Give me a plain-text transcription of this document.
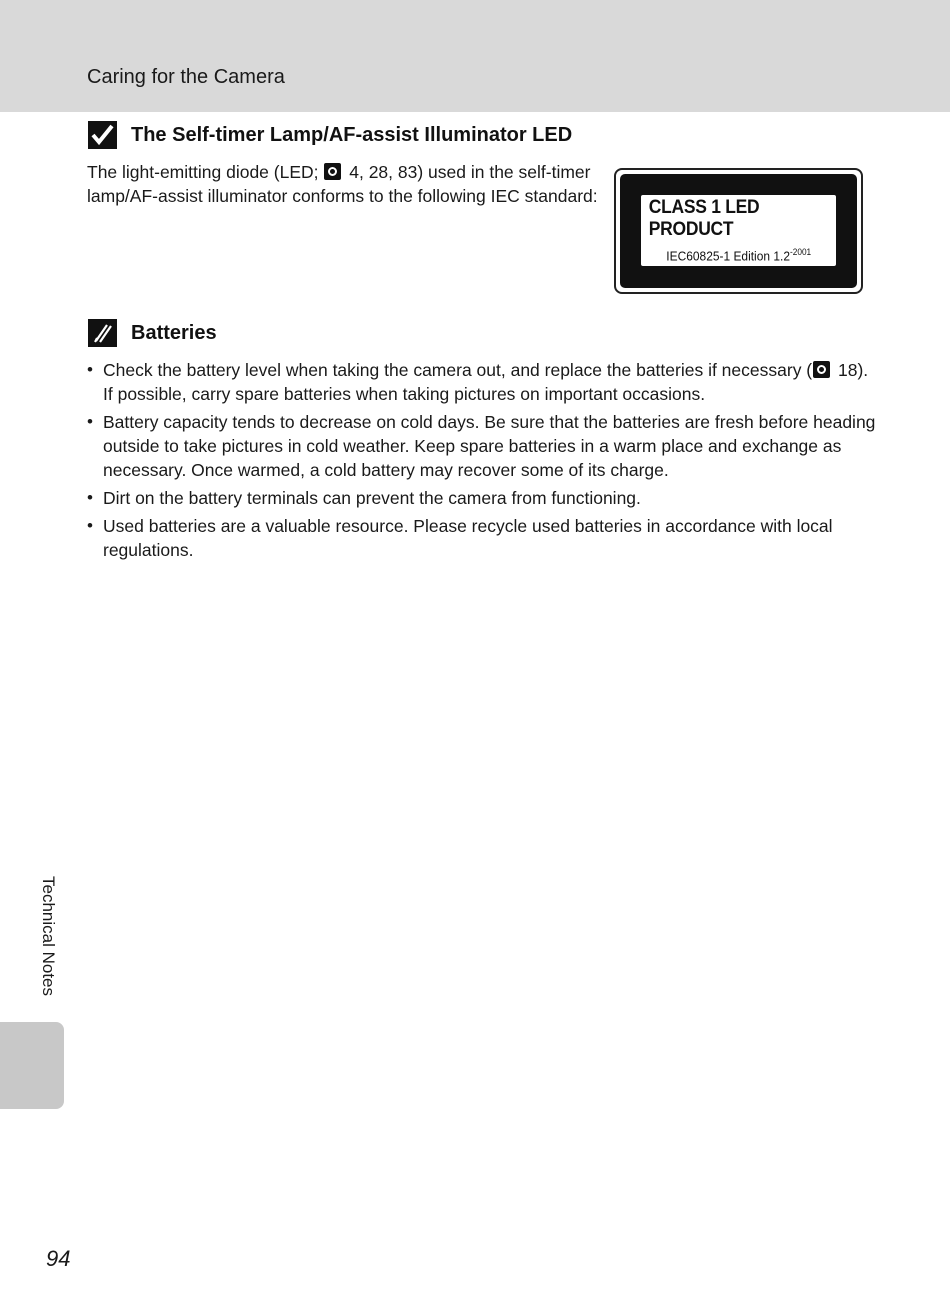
Caring for the Camera
The Self-timer Lamp/AF-assist Illuminator LED
The light-emitting diode (LED;  4, 28, 83) used in the self-timer lamp/AF-assist illuminator conforms to the following IEC standard:
CLASS 1 LED PRODUCT
IEC60825-1 Edition $1.2^{-2001}$
Batteries
• Check the battery level when taking the camera out, and replace the batteries if necessary ( 18). If possible, carry spare batteries when taking pictures on important occasions.
• Battery capacity tends to decrease on cold days. Be sure that the batteries are fresh before heading outside to take pictures in cold weather. Keep spare batteries in a warm place and exchange as necessary. Once warmed, a cold battery may recover some of its charge.
• Dirt on the battery terminals can prevent the camera from functioning.
• Used batteries are a valuable resource. Please recycle used batteries in accordance with local regulations.
Technical Notes
94
